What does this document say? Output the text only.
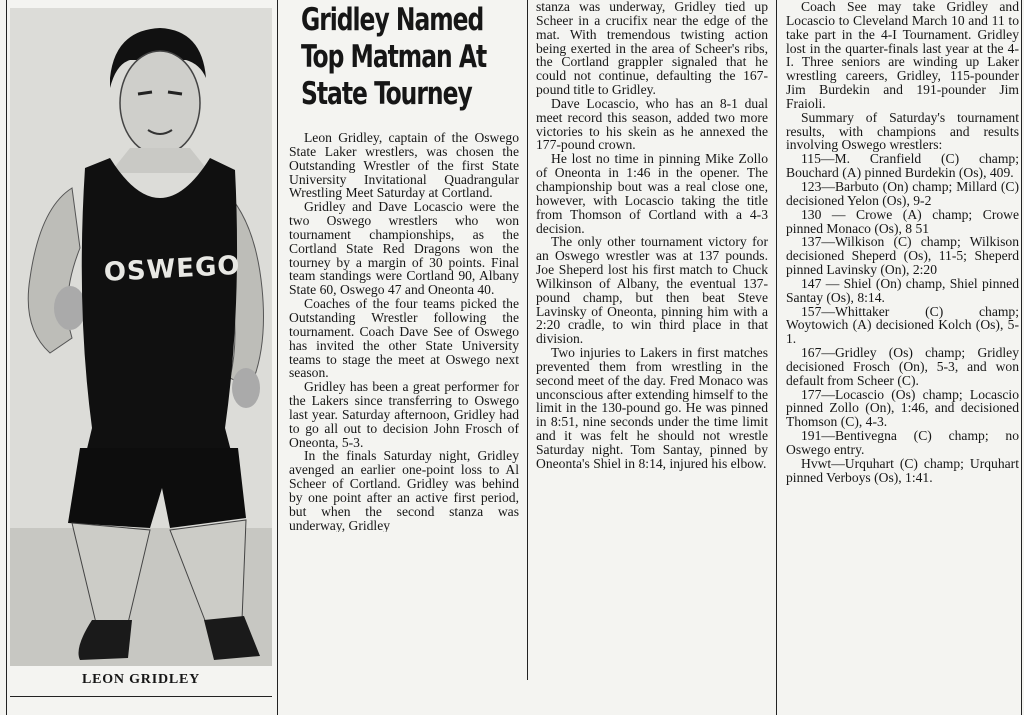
OSWEGO
LEON GRIDLEY
Gridley Named
Top Matman At
State Tourney

Leon Gridley, captain of the Oswego State Laker wrestlers, was chosen the Outstanding Wrestler of the first State University Invitational Quadrangular Wrestling Meet Saturday at Cortland.

Gridley and Dave Locascio were the two Oswego wrestlers who won tournament championships, as the Cortland State Red Dragons won the tourney by a margin of 30 points. Final team standings were Cortland 90, Albany State 60, Oswego 47 and Oneonta 40.

Coaches of the four teams picked the Outstanding Wrestler following the tournament. Coach Dave See of Oswego has invited the other State University teams to stage the meet at Oswego next season.

Gridley has been a great performer for the Lakers since transferring to Oswego last year. Saturday afternoon, Gridley had to go all out to decision John Frosch of Oneonta, 5-3.

In the finals Saturday night, Gridley avenged an earlier one-point loss to Al Scheer of Cortland. Gridley was behind by one point after an active first period, but when the second stanza was underway, Gridley

stanza was underway, Gridley tied up Scheer in a crucifix near the edge of the mat. With tremendous twisting action being exerted in the area of Scheer's ribs, the Cortland grappler signaled that he could not continue, defaulting the 167-pound title to Gridley.

Dave Locascio, who has an 8-1 dual meet record this season, added two more victories to his skein as he annexed the 177-pound crown.

He lost no time in pinning Mike Zollo of Oneonta in 1:46 in the opener. The championship bout was a real close one, however, with Locascio taking the title from Thomson of Cortland with a 4-3 decision.

The only other tournament victory for an Oswego wrestler was at 137 pounds. Joe Sheperd lost his first match to Chuck Wilkinson of Albany, the eventual 137-pound champ, but then beat Steve Lavinsky of Oneonta, pinning him with a 2:20 cradle, to win third place in that division.

Two injuries to Lakers in first matches prevented them from wrestling in the second meet of the day. Fred Monaco was unconscious after extending himself to the limit in the 130-pound go. He was pinned in 8:51, nine seconds under the time limit and it was felt he should not wrestle Saturday night. Tom Santay, pinned by Oneonta's Shiel in 8:14, injured his elbow.

Coach See may take Gridley and Locascio to Cleveland March 10 and 11 to take part in the 4-I Tournament. Gridley lost in the quarter-finals last year at the 4-I. Three seniors are winding up Laker wrestling careers, Gridley, 115-pounder Jim Burdekin and 191-pounder Jim Fraioli.

Summary of Saturday's tournament results, with champions and results involving Oswego wrestlers:

115—M. Cranfield (C) champ; Bouchard (A) pinned Burdekin (Os), 409.

123—Barbuto (On) champ; Millard (C) decisioned Yelon (Os), 9-2

130 — Crowe (A) champ; Crowe pinned Monaco (Os), 8 51

137—Wilkison (C) champ; Wilkison decisioned Sheperd (Os), 11-5; Sheperd pinned Lavinsky (On), 2:20

147 — Shiel (On) champ, Shiel pinned Santay (Os), 8:14.

157—Whittaker (C) champ; Woytowich (A) decisioned Kolch (Os), 5-1.

167—Gridley (Os) champ; Gridley decisioned Frosch (On), 5-3, and won default from Scheer (C).

177—Locascio (Os) champ; Locascio pinned Zollo (On), 1:46, and decisioned Thomson (C), 4-3.

191—Bentivegna (C) champ; no Oswego entry.

Hvwt—Urquhart (C) champ; Urquhart pinned Verboys (Os), 1:41.
